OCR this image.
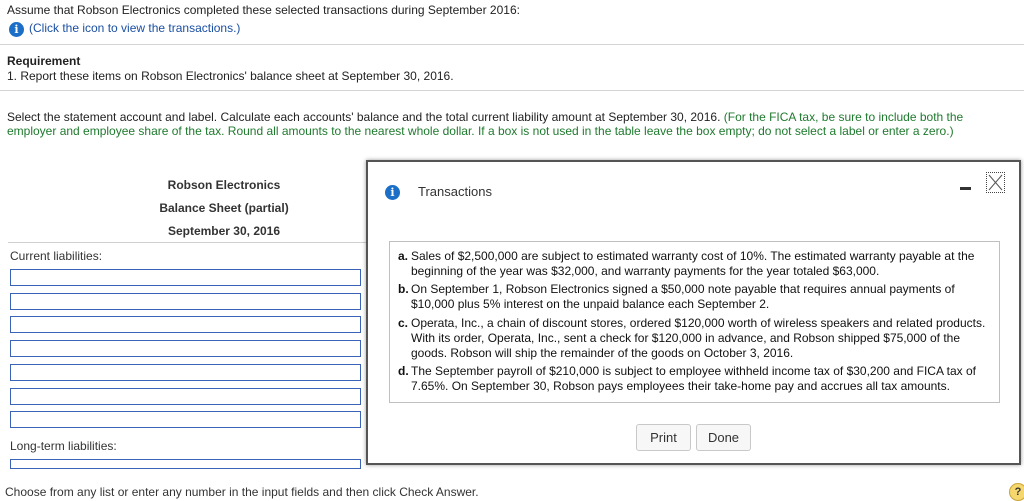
Assume that Robson Electronics completed these selected transactions during September 2016:
i (Click the icon to view the transactions.)
Requirement
1. Report these items on Robson Electronics' balance sheet at September 30, 2016.
Select the statement account and label. Calculate each accounts' balance and the total current liability amount at September 30, 2016. (For the FICA tax, be sure to include both the
employer and employee share of the tax. Round all amounts to the nearest whole dollar. If a box is not used in the table leave the box empty; do not select a label or enter a zero.)
Robson Electronics
Balance Sheet (partial)
September 30, 2016
Current liabilities:
Long-term liabilities:
Choose from any list or enter any number in the input fields and then click Check Answer.	?
i	Transactions
a. Sales of $2,500,000 are subject to estimated warranty cost of 10%. The estimated warranty payable at the beginning of the year was $32,000, and warranty payments for the year totaled $63,000.
b. On September 1, Robson Electronics signed a $50,000 note payable that requires annual payments of $10,000 plus 5% interest on the unpaid balance each September 2.
c. Operata, Inc., a chain of discount stores, ordered $120,000 worth of wireless speakers and related products. With its order, Operata, Inc., sent a check for $120,000 in advance, and Robson shipped $75,000 of the goods. Robson will ship the remainder of the goods on October 3, 2016.
d. The September payroll of $210,000 is subject to employee withheld income tax of $30,200 and FICA tax of 7.65%. On September 30, Robson pays employees their take-home pay and accrues all tax amounts.
Print	Done
